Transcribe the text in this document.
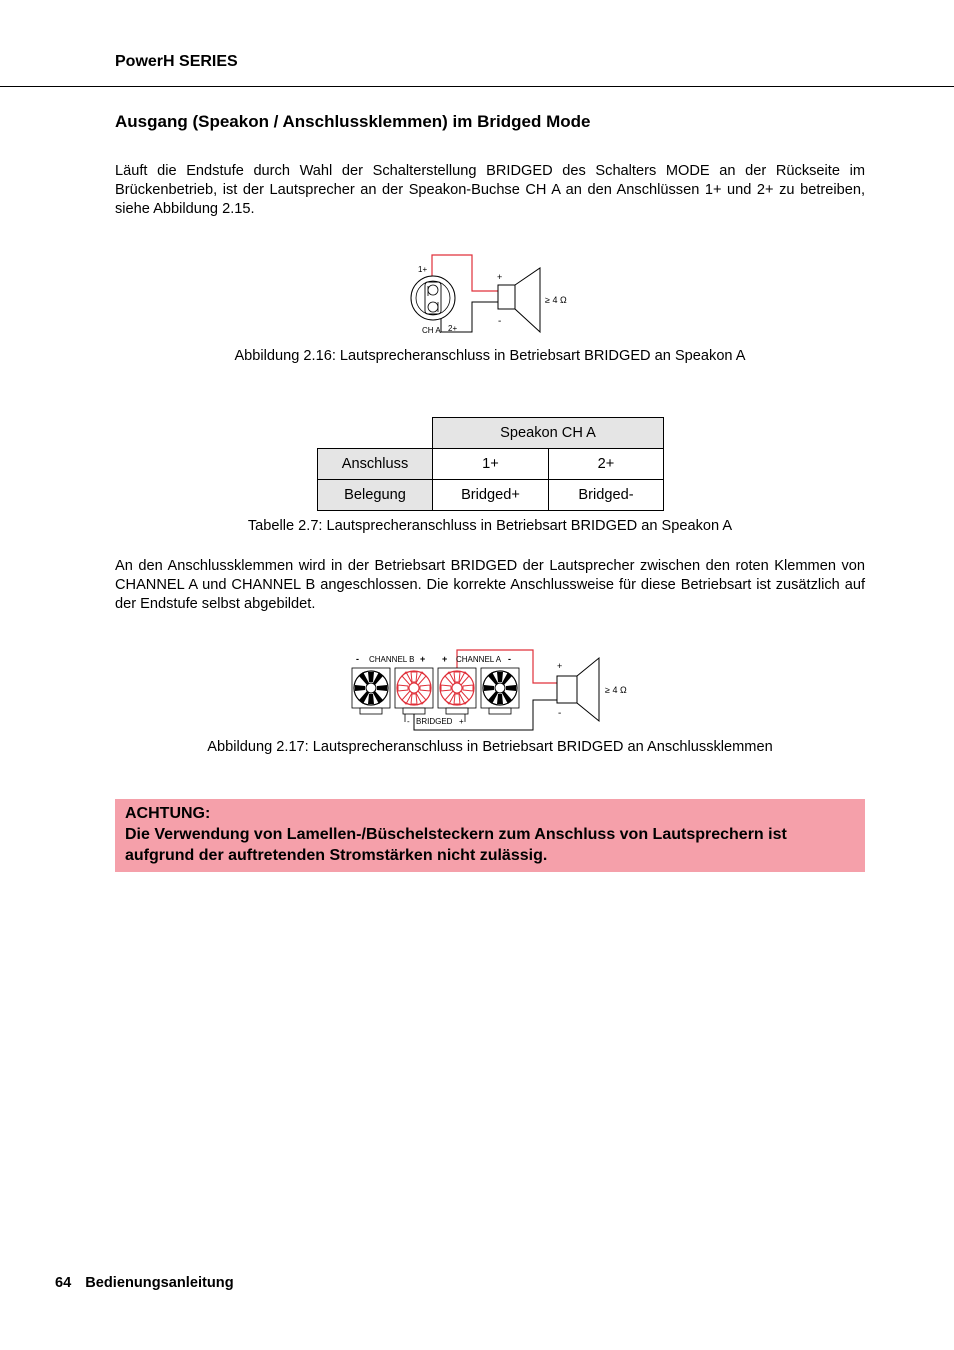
PowerH SERIES
Ausgang (Speakon / Anschlussklemmen) im Bridged Mode
Läuft die Endstufe durch Wahl der Schalterstellung BRIDGED des Schalters MODE an der Rückseite im Brückenbetrieb, ist der Lautsprecher an der Speakon-Buchse CH A an den Anschlüssen 1+ und 2+ zu betreiben, siehe Abbildung 2.15.
1+
2+
CH A
+
-
≥ 4 Ω
Abbildung 2.16: Lautsprecheranschluss in Betriebsart BRIDGED an Speakon A
	Speakon CH A	
Anschluss	1+	2+
Belegung	Bridged+	Bridged-
Tabelle 2.7: Lautsprecheranschluss in Betriebsart BRIDGED an Speakon A
An den Anschlussklemmen wird in der Betriebsart BRIDGED der Lautsprecher zwischen den roten Klemmen von CHANNEL A und CHANNEL B angeschlossen. Die korrekte Anschlussweise für diese Betriebsart ist zusätzlich auf der Endstufe selbst abgebildet.
- CHANNEL B + + CHANNEL A -
- BRIDGED +
+
-
≥ 4 Ω
Abbildung 2.17: Lautsprecheranschluss in Betriebsart BRIDGED an Anschlussklemmen
ACHTUNG:
Die Verwendung von Lamellen-/Büschelsteckern zum Anschluss von Lautsprechern ist
aufgrund der auftretenden Stromstärken nicht zulässig.
64 Bedienungsanleitung
